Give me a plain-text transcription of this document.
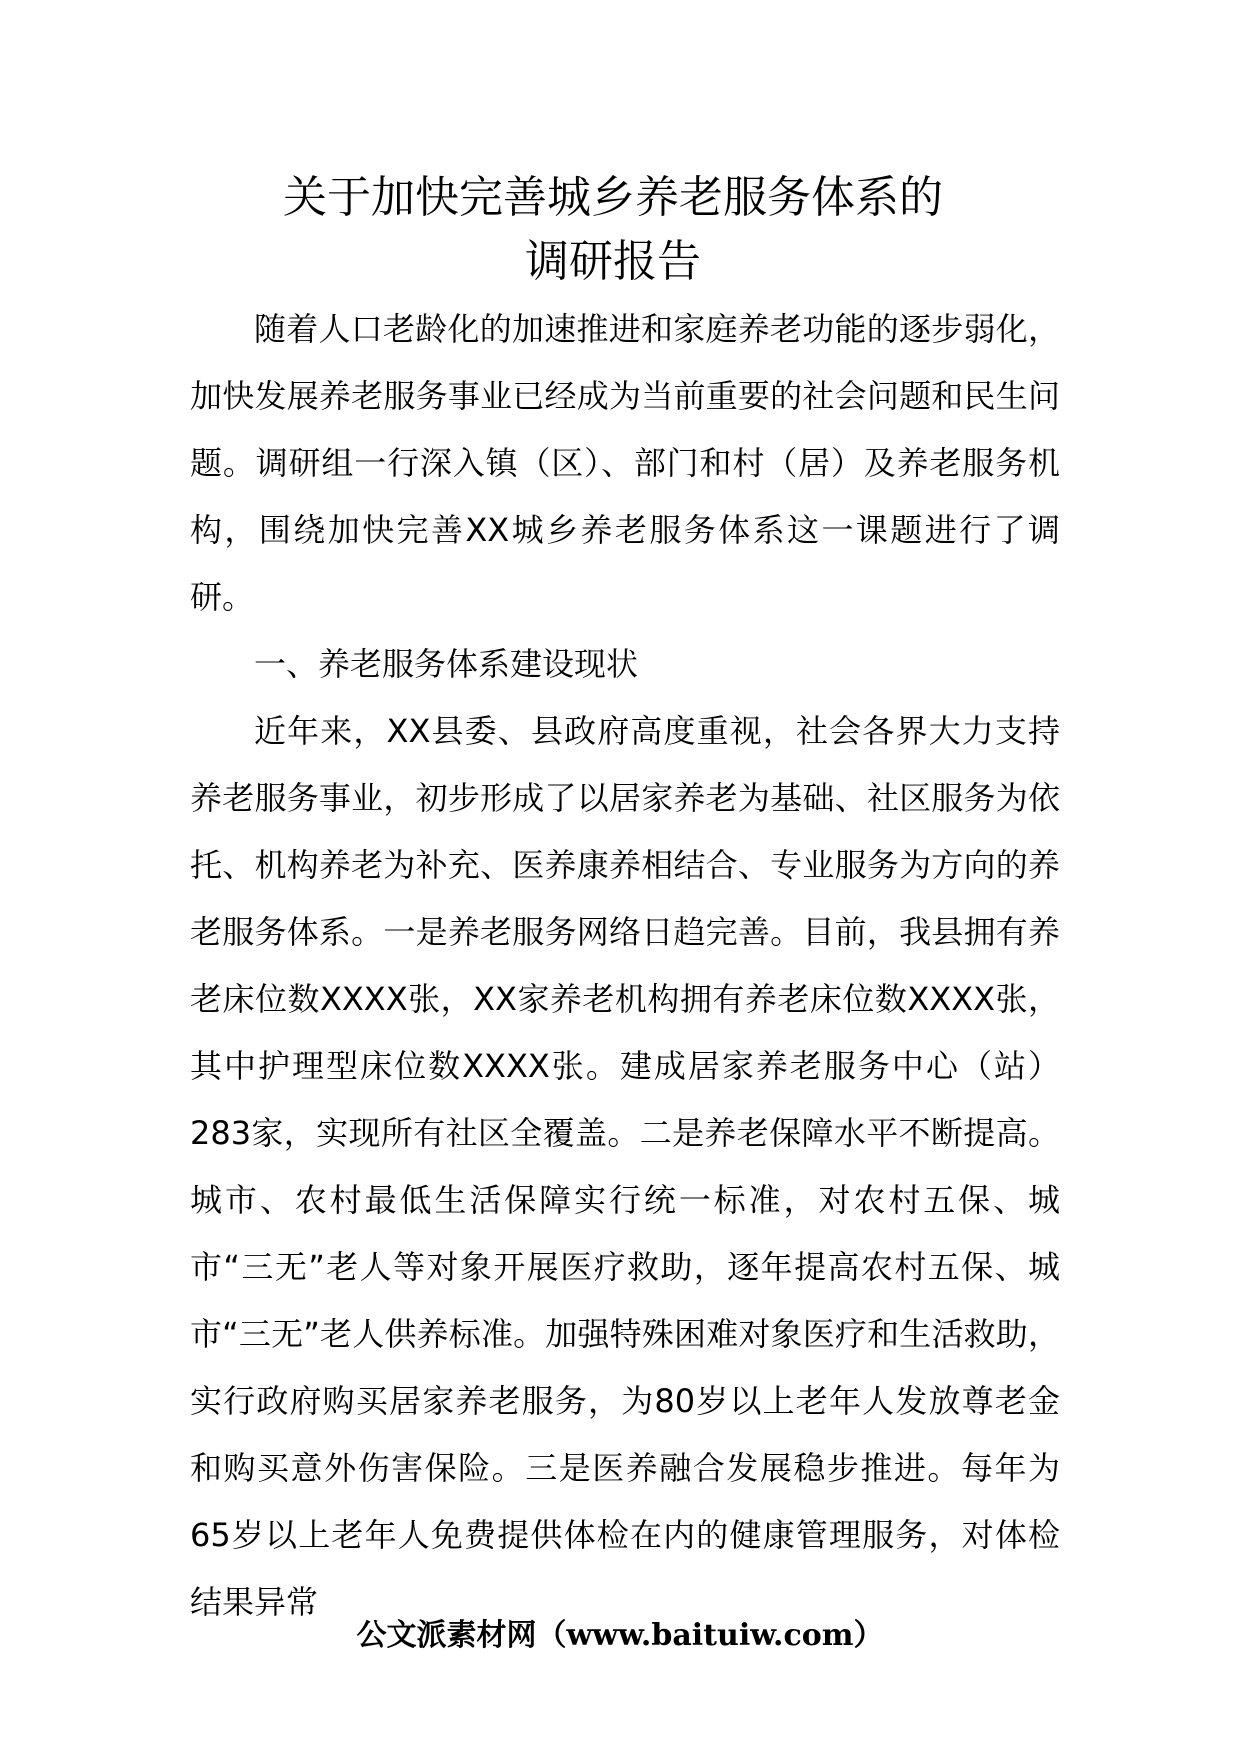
关于加快完善城乡养老服务体系的
调研报告

随着人口老龄化的加速推进和家庭养老功能的逐步弱化，加快发展养老服务事业已经成为当前重要的社会问题和民生问题。调研组一行深入镇（区）、部门和村（居）及养老服务机构，围绕加快完善XX城乡养老服务体系这一课题进行了调研。

一、养老服务体系建设现状

近年来，XX县委、县政府高度重视，社会各界大力支持养老服务事业，初步形成了以居家养老为基础、社区服务为依托、机构养老为补充、医养康养相结合、专业服务为方向的养老服务体系。一是养老服务网络日趋完善。目前，我县拥有养老床位数XXXX张，XX家养老机构拥有养老床位数XXXX张，其中护理型床位数XXXX张。建成居家养老服务中心（站）283家，实现所有社区全覆盖。二是养老保障水平不断提高。城市、农村最低生活保障实行统一标准，对农村五保、城市“三无”老人等对象开展医疗救助，逐年提高农村五保、城市“三无”老人供养标准。加强特殊困难对象医疗和生活救助，实行政府购买居家养老服务，为80岁以上老年人发放尊老金和购买意外伤害保险。三是医养融合发展稳步推进。每年为65岁以上老年人免费提供体检在内的健康管理服务，对体检结果异常

公文派素材网（www.baituiw.com）
